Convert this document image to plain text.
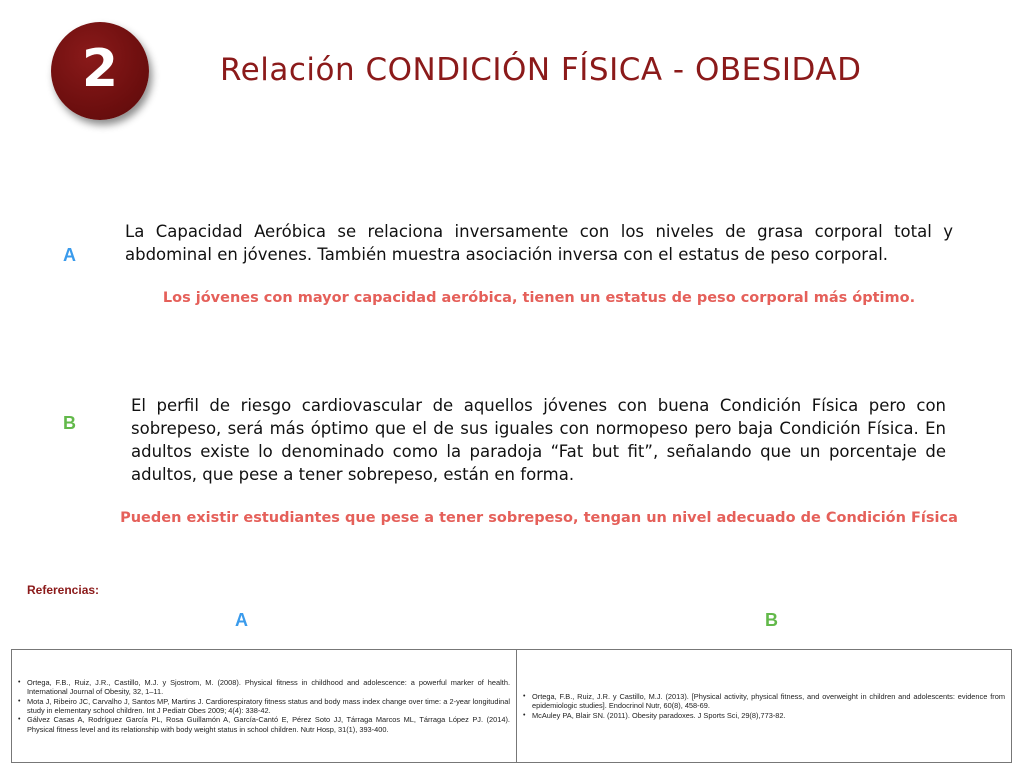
2	Relación CONDICIÓN FÍSICA - OBESIDAD
A
La Capacidad Aeróbica se relaciona inversamente con los niveles de grasa corporal total y abdominal en jóvenes. También muestra asociación inversa con el estatus de peso corporal.
Los jóvenes con mayor capacidad aeróbica, tienen un estatus de peso corporal más óptimo.
B
El perfil de riesgo cardiovascular de aquellos jóvenes con buena Condición Física pero con sobrepeso, será más óptimo que el de sus iguales con normopeso pero baja Condición Física. En adultos existe lo denominado como la paradoja “Fat but fit”, señalando que un porcentaje de adultos, que pese a tener sobrepeso, están en forma.
Pueden existir estudiantes que pese a tener sobrepeso, tengan un nivel adecuado de Condición Física
Referencias:
A	B
• Ortega, F.B., Ruiz, J.R., Castillo, M.J. y Sjostrom, M. (2008). Physical fitness in childhood and adolescence: a powerful marker of health. International Journal of Obesity, 32, 1–11.
• Mota J, Ribeiro JC, Carvalho J, Santos MP, Martins J. Cardiorespiratory fitness status and body mass index change over time: a 2-year longitudinal study in elementary school children. Int J Pediatr Obes 2009; 4(4): 338-42.
• Gálvez Casas A, Rodríguez García PL, Rosa Guillamón A, García-Cantó E, Pérez Soto JJ, Tárraga Marcos ML, Tárraga López PJ. (2014). Physical fitness level and its relationship with body weight status in school children. Nutr Hosp, 31(1), 393-400.
• Ortega, F.B., Ruiz, J.R. y Castillo, M.J. (2013). [Physical activity, physical fitness, and overweight in children and adolescents: evidence from epidemiologic studies]. Endocrinol Nutr, 60(8), 458-69.
• McAuley PA, Blair SN. (2011). Obesity paradoxes. J Sports Sci, 29(8),773-82.
